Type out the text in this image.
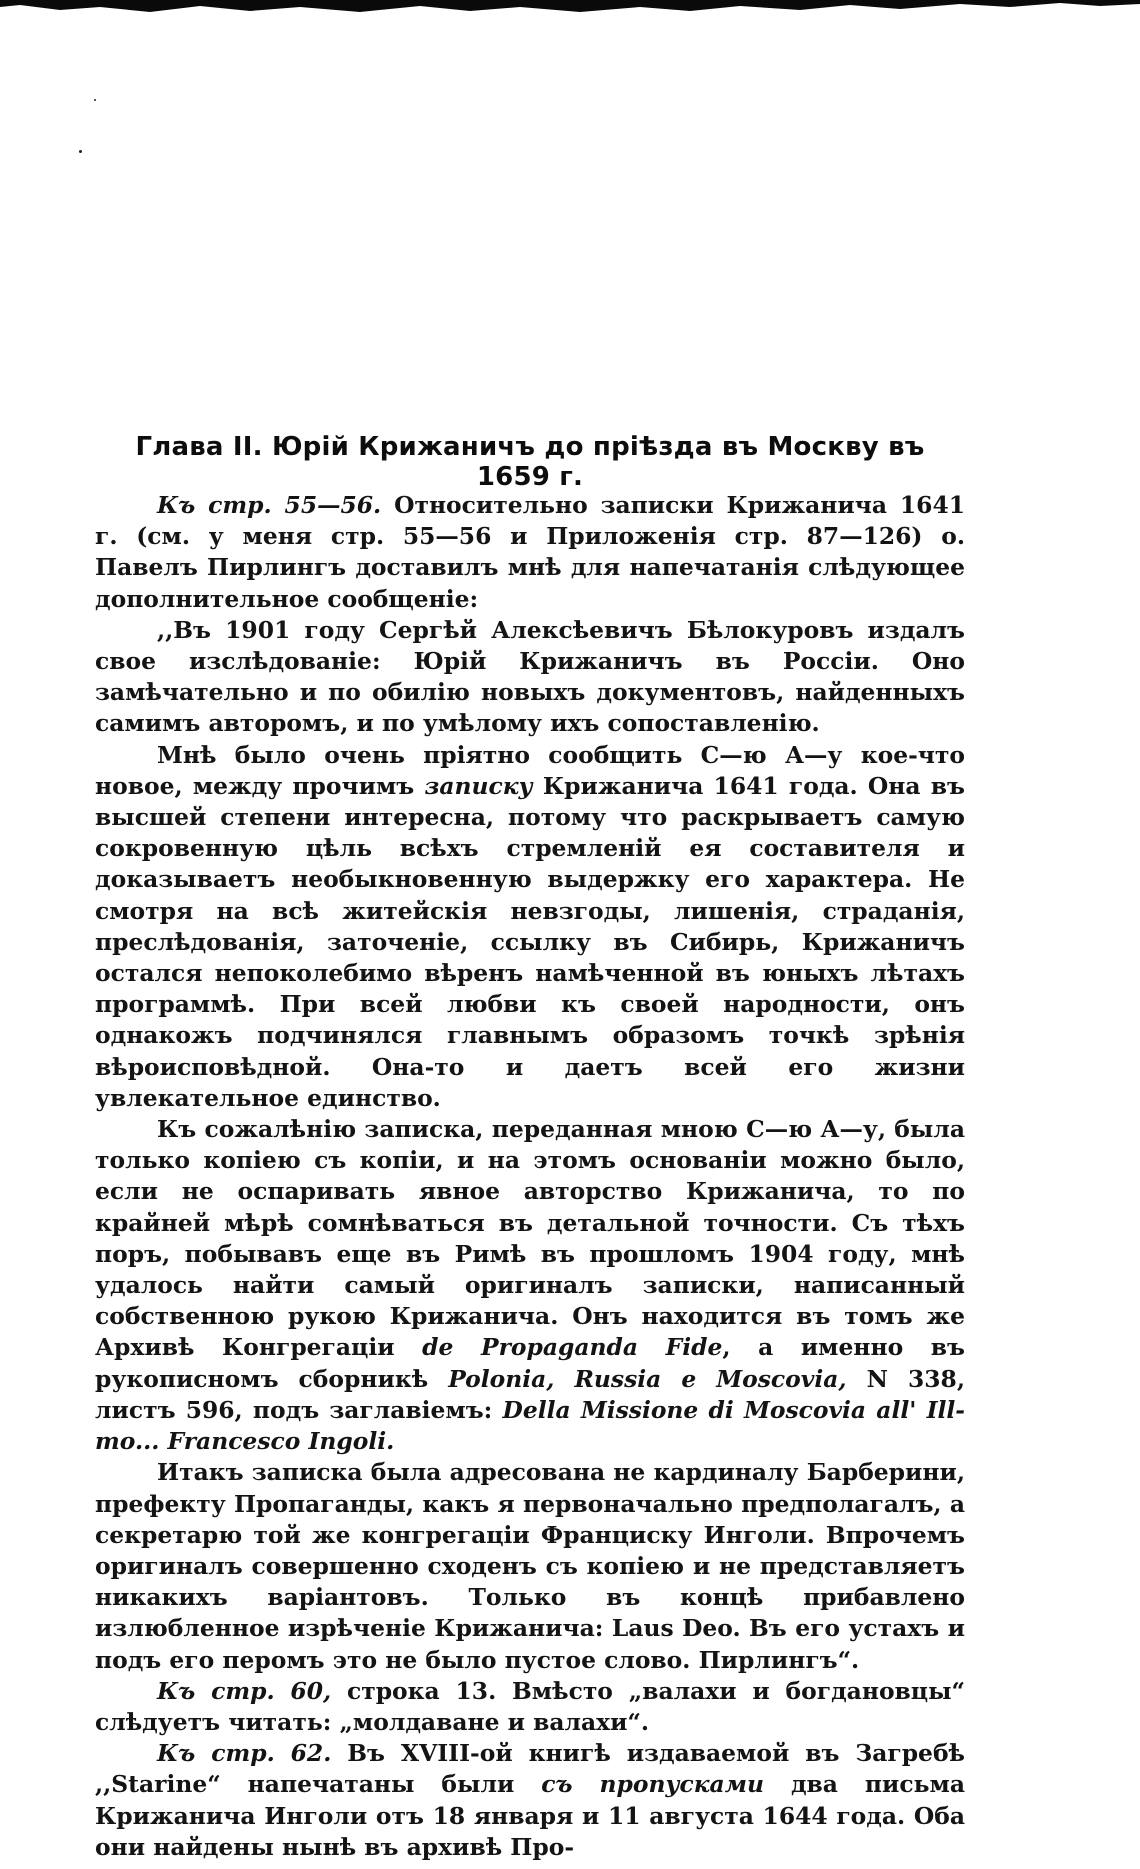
Глава II. Юрій Крижаничъ до пріѣзда въ Москву въ 1659 г.

Къ стр. 55—56. Относительно записки Крижанича 1641 г. (см. у меня стр. 55—56 и Приложенія стр. 87—126) о. Павелъ Пирлингъ доставилъ мнѣ для напечатанія слѣдующее дополнительное сообщеніе:

,,Въ 1901 году Сергѣй Алексѣевичъ Бѣлокуровъ издалъ свое изслѣдованіе: Юрій Крижаничъ въ Россіи. Оно замѣчательно и по обилію новыхъ документовъ, найденныхъ самимъ авторомъ, и по умѣлому ихъ сопоставленію.

Мнѣ было очень пріятно сообщить С—ю А—у кое-что новое, между прочимъ записку Крижанича 1641 года. Она въ высшей степени интересна, потому что раскрываетъ самую сокровенную цѣль всѣхъ стремленій ея составителя и доказываетъ необыкновенную выдержку его характера. Не смотря на всѣ житейскія невзгоды, лишенія, страданія, преслѣдованія, заточеніе, ссылку въ Сибирь, Крижаничъ остался непоколебимо вѣренъ намѣченной въ юныхъ лѣтахъ программѣ. При всей любви къ своей народности, онъ однакожъ подчинялся главнымъ образомъ точкѣ зрѣнія вѣроисповѣдной. Она-то и даетъ всей его жизни увлекательное единство.

Къ сожалѣнію записка, переданная мною С—ю А—у, была только копіею съ копіи, и на этомъ основаніи можно было, если не оспаривать явное авторство Крижанича, то по крайней мѣрѣ сомнѣваться въ детальной точности. Съ тѣхъ поръ, побывавъ еще въ Римѣ въ прошломъ 1904 году, мнѣ удалось найти самый оригиналъ записки, написанный собственною рукою Крижанича. Онъ находится въ томъ же Архивѣ Конгрегаціи de Propaganda Fide, а именно въ рукописномъ сборникѣ Polonia, Russia e Moscovia, N 338, листъ 596, подъ заглавіемъ: Della Missione di Moscovia all' Ill-mo... Francesco Ingoli.

Итакъ записка была адресована не кардиналу Барберини, префекту Пропаганды, какъ я первоначально предполагалъ, а секретарю той же конгрегаціи Франциску Инголи. Впрочемъ оригиналъ совершенно сходенъ съ копіею и не представляетъ никакихъ варіантовъ. Только въ концѣ прибавлено излюбленное изрѣченіе Крижанича: Laus Deo. Въ его устахъ и подъ его перомъ это не было пустое слово. Пирлингъ“.

Къ стр. 60, строка 13. Вмѣсто „валахи и богдановцы“ слѣдуетъ читать: „молдаване и валахи“.

Къ стр. 62. Въ XVIII-ой книгѣ издаваемой въ Загребѣ ,,Starine“ напечатаны были съ пропусками два письма Крижанича Инголи отъ 18 января и 11 августа 1644 года. Оба они найдены нынѣ въ архивѣ Про-
